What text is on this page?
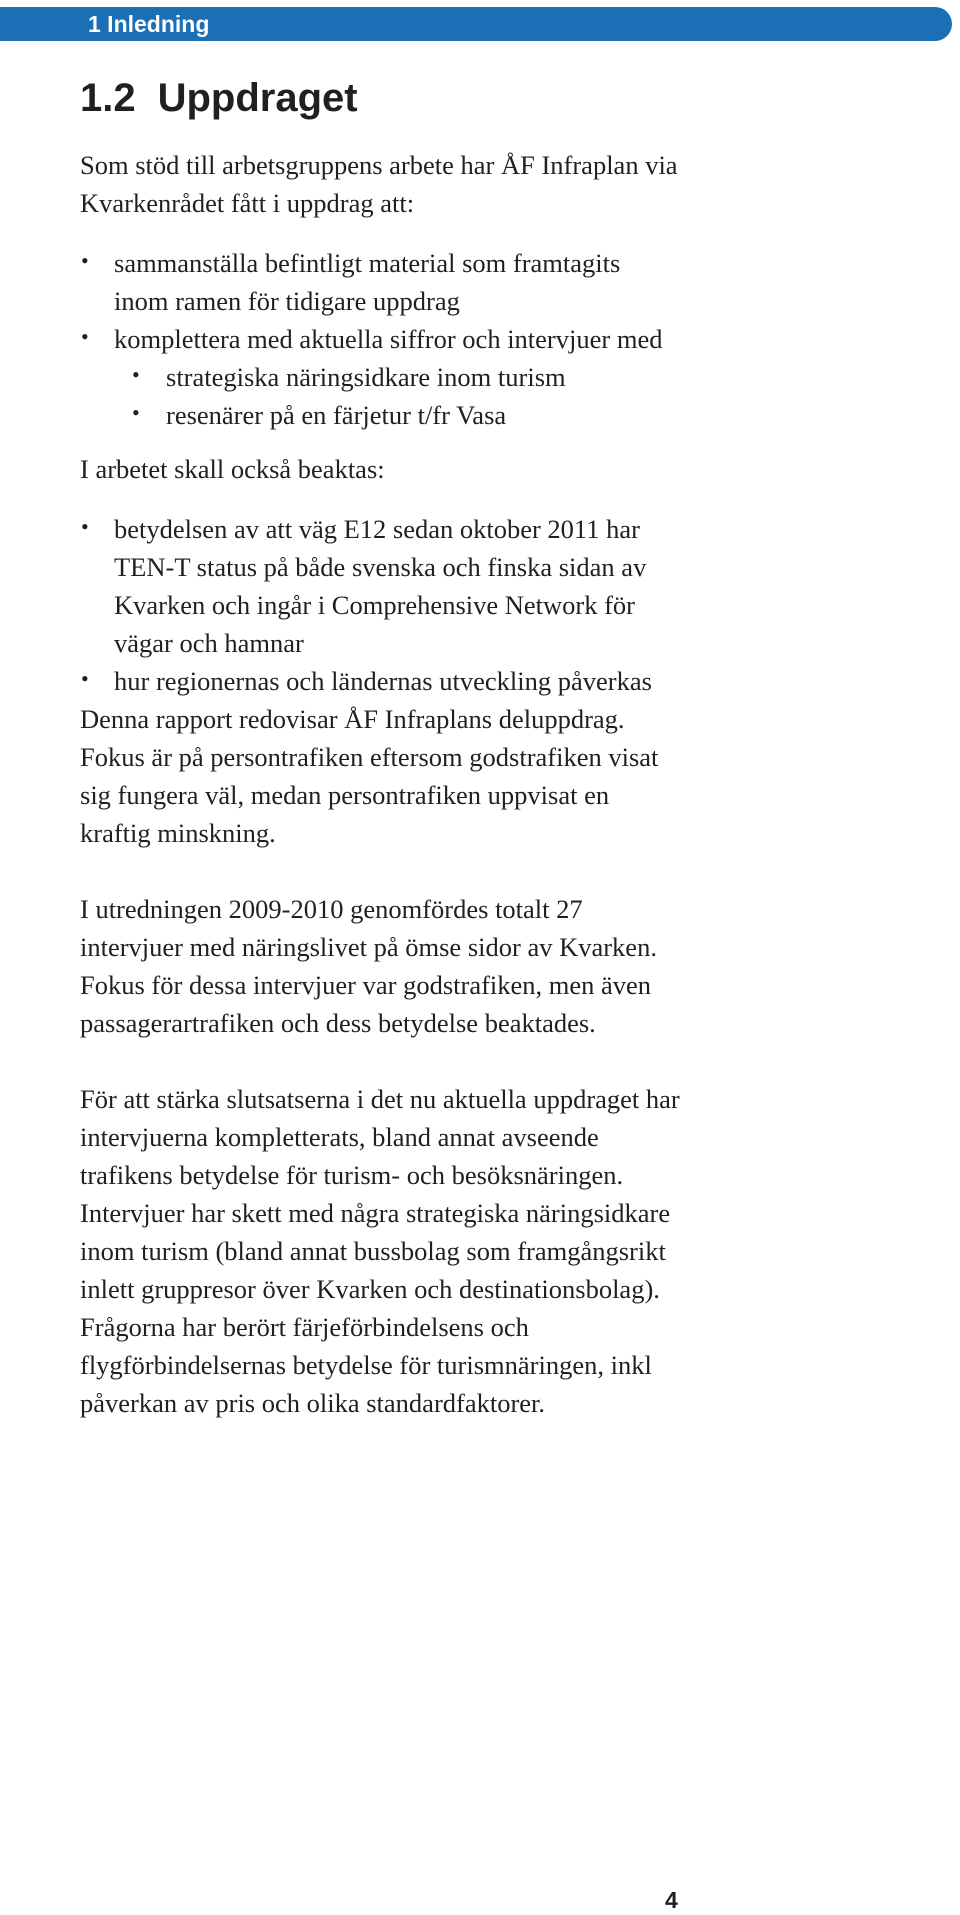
1 Inledning
1.2 Uppdraget

Som stöd till arbetsgruppens arbete har ÅF Infraplan via Kvarkenrådet fått i uppdrag att:

• sammanställa befintligt material som framtagits inom ramen för tidigare uppdrag
• komplettera med aktuella siffror och intervjuer med
• strategiska näringsidkare inom turism
• resenärer på en färjetur t/fr Vasa

I arbetet skall också beaktas:

• betydelsen av att väg E12 sedan oktober 2011 har TEN-T status på både svenska och finska sidan av Kvarken och ingår i Comprehensive Network för vägar och hamnar
• hur regionernas och ländernas utveckling påverkas

Denna rapport redovisar ÅF Infraplans deluppdrag. Fokus är på persontrafiken eftersom godstrafiken visat sig fungera väl, medan persontrafiken uppvisat en kraftig minskning.

I utredningen 2009-2010 genomfördes totalt 27 intervjuer med näringslivet på ömse sidor av Kvarken. Fokus för dessa intervjuer var godstrafiken, men även passagerartrafiken och dess betydelse beaktades.

För att stärka slutsatserna i det nu aktuella uppdraget har intervjuerna kompletterats, bland annat avseende trafikens betydelse för turism- och besöksnäringen. Intervjuer har skett med några strategiska näringsidkare inom turism (bland annat bussbolag som framgångsrikt inlett gruppresor över Kvarken och destinationsbolag). Frågorna har berört färjeförbindelsens och flygförbindelsernas betydelse för turismnäringen, inkl påverkan av pris och olika standardfaktorer.

4
